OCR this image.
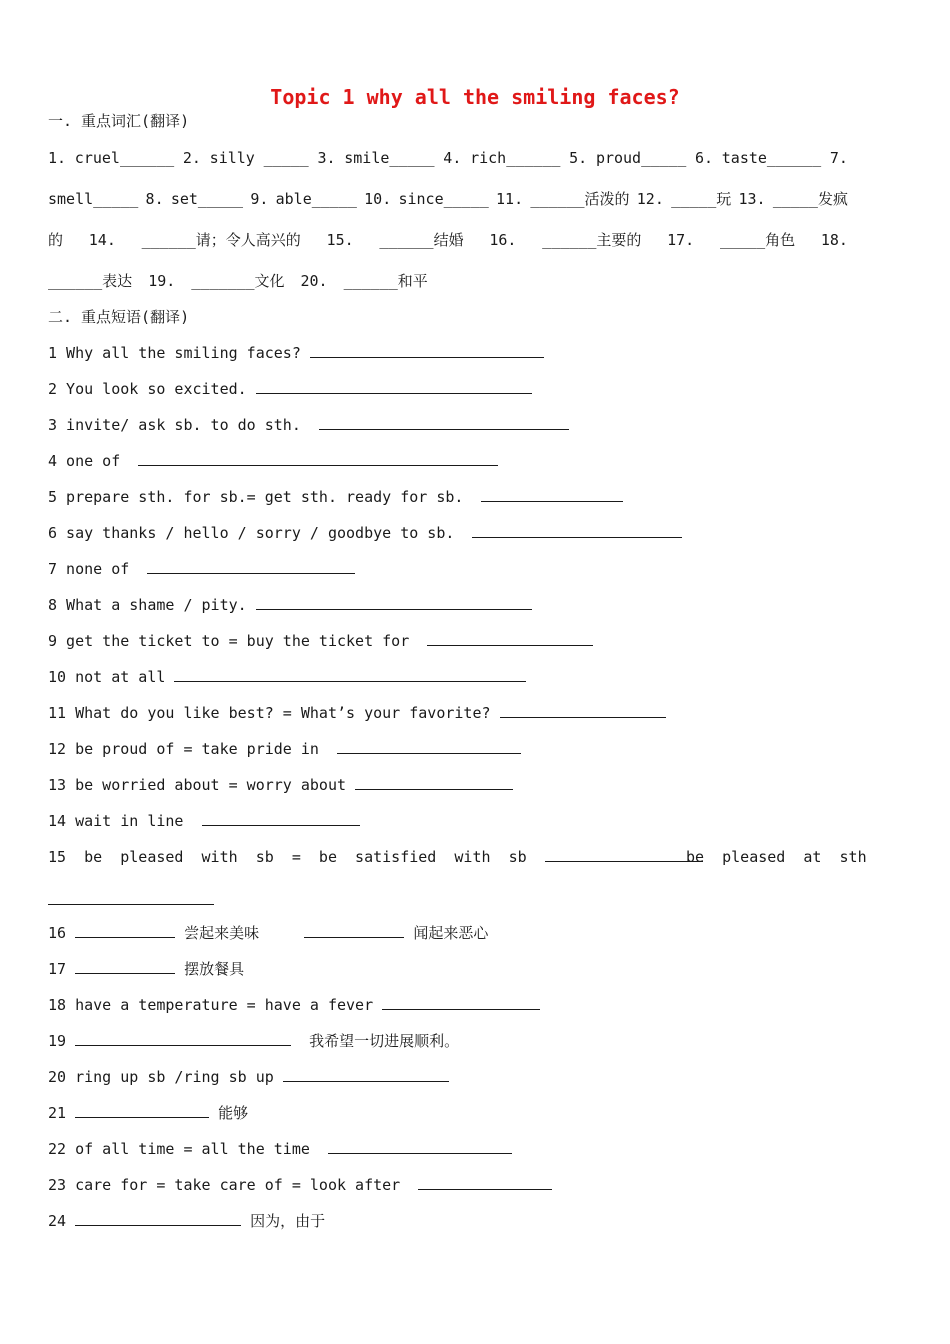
Topic 1 why all the smiling faces?
一. 重点词汇(翻译)
1. cruel______ 2. silly _____ 3. smile_____ 4. rich______ 5. proud_____ 6. taste______ 7.
smell_____ 8. set_____ 9. able_____ 10. since_____ 11. ______活泼的 12. _____玩 13. _____发疯
的 14. ______请；令人高兴的 15. ______结婚 16. ______主要的 17. _____角色 18.
______表达 19. _______文化 20. ______和平
二. 重点短语(翻译)
1 Why all the smiling faces?
2 You look so excited.
3 invite/ ask sb. to do sth.
4 one of
5 prepare sth. for sb.= get sth. ready for sb.
6 say thanks / hello / sorry / goodbye to sb.
7 none of
8 What a shame / pity.
9 get the ticket to = buy the ticket for
10 not at all
11 What do you like best? = What’s your favorite?
12 be proud of = take pride in
13 be worried about = worry about
14 wait in line
15  be  pleased  with  sb  =  be  satisfied  with  sb	be  pleased  at  sth
16	尝起来美味	闻起来恶心
17	摆放餐具
18 have a temperature = have a fever
19	我希望一切进展顺利。
20 ring up sb /ring sb up
21	能够
22 of all time = all the time
23 care for = take care of = look after
24	因为，由于
